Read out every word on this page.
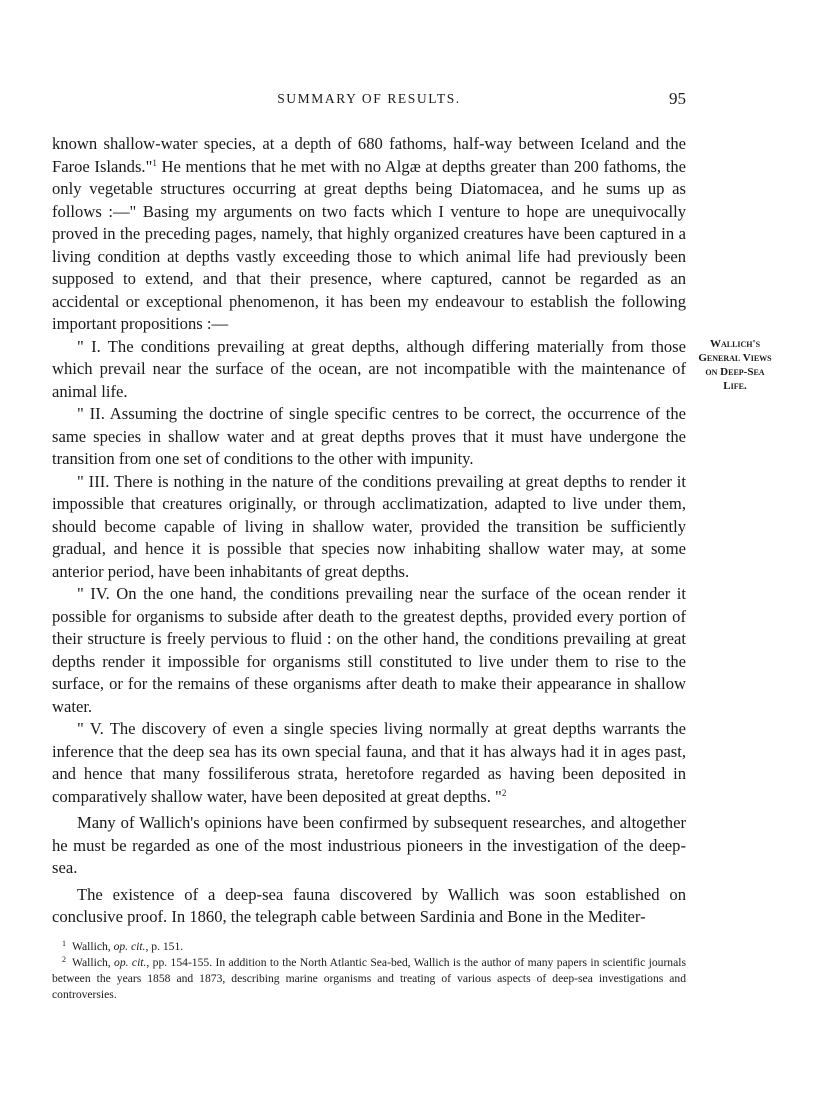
SUMMARY OF RESULTS.	95

known shallow-water species, at a depth of 680 fathoms, half-way between Iceland and the Faroe Islands."$^1$ He mentions that he met with no Algæ at depths greater than 200 fathoms, the only vegetable structures occurring at great depths being Diatomacea, and he sums up as follows :—" Basing my arguments on two facts which I venture to hope are unequivocally proved in the preceding pages, namely, that highly organized creatures have been captured in a living condition at depths vastly exceeding those to which animal life had previously been supposed to extend, and that their presence, where captured, cannot be regarded as an accidental or exceptional phenomenon, it has been my endeavour to establish the following important propositions :—

" I. The conditions prevailing at great depths, although differing materially from those which prevail near the surface of the ocean, are not incompatible with the maintenance of animal life.

" II. Assuming the doctrine of single specific centres to be correct, the occurrence of the same species in shallow water and at great depths proves that it must have undergone the transition from one set of conditions to the other with impunity.

" III. There is nothing in the nature of the conditions prevailing at great depths to render it impossible that creatures originally, or through acclimatization, adapted to live under them, should become capable of living in shallow water, provided the transition be sufficiently gradual, and hence it is possible that species now inhabiting shallow water may, at some anterior period, have been inhabitants of great depths.

" IV. On the one hand, the conditions prevailing near the surface of the ocean render it possible for organisms to subside after death to the greatest depths, provided every portion of their structure is freely pervious to fluid : on the other hand, the conditions prevailing at great depths render it impossible for organisms still constituted to live under them to rise to the surface, or for the remains of these organisms after death to make their appearance in shallow water.

" V. The discovery of even a single species living normally at great depths warrants the inference that the deep sea has its own special fauna, and that it has always had it in ages past, and hence that many fossiliferous strata, heretofore regarded as having been deposited in comparatively shallow water, have been deposited at great depths. "$^2$

Many of Wallich's opinions have been confirmed by subsequent researches, and altogether he must be regarded as one of the most industrious pioneers in the investigation of the deep-sea.

The existence of a deep-sea fauna discovered by Wallich was soon established on conclusive proof. In 1860, the telegraph cable between Sardinia and Bone in the Mediter-

Wallich's
General Views
on Deep-Sea
Life.

$^1$ Wallich, op. cit., p. 151.

$^2$ Wallich, op. cit., pp. 154-155. In addition to the North Atlantic Sea-bed, Wallich is the author of many papers in scientific journals between the years 1858 and 1873, describing marine organisms and treating of various aspects of deep-sea investigations and controversies.
